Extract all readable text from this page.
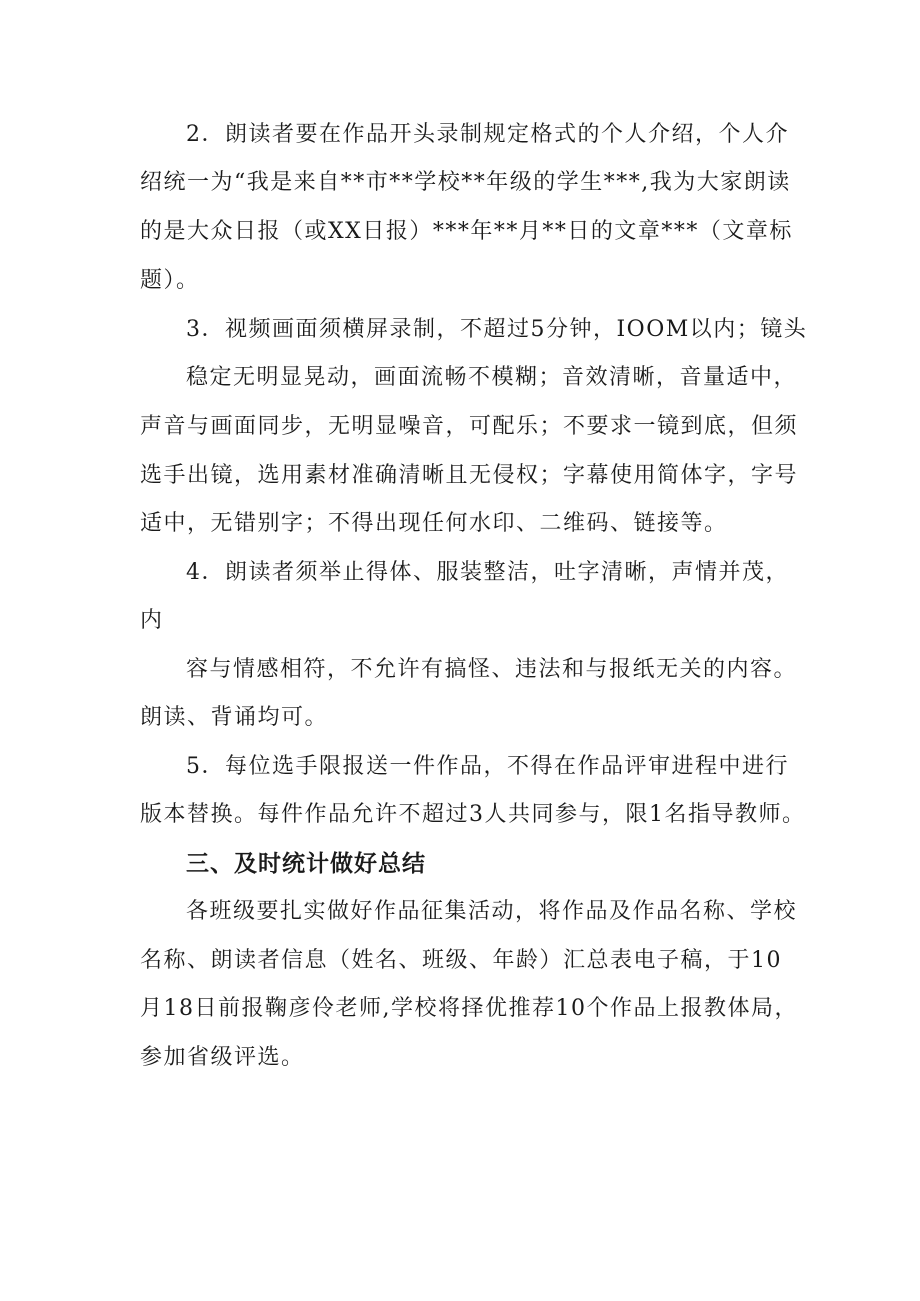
2．朗读者要在作品开头录制规定格式的个人介绍，个人介
绍统一为“我是来自**市**学校**年级的学生***,我为大家朗读
的是大众日报（或XX日报）***年**月**日的文章***（文章标
题）。
3．视频画面须横屏录制，不超过5分钟，IOOM以内；镜头
稳定无明显晃动，画面流畅不模糊；音效清晰，音量适中，
声音与画面同步，无明显噪音，可配乐；不要求一镜到底，但须
选手出镜，选用素材准确清晰且无侵权；字幕使用简体字，字号
适中，无错别字；不得出现任何水印、二维码、链接等。
4．朗读者须举止得体、服装整洁，吐字清晰，声情并茂，
内
容与情感相符，不允许有搞怪、违法和与报纸无关的内容。
朗读、背诵均可。
5．每位选手限报送一件作品，不得在作品评审进程中进行
版本替换。每件作品允许不超过3人共同参与，限1名指导教师。
三、及时统计做好总结
各班级要扎实做好作品征集活动，将作品及作品名称、学校
名称、朗读者信息（姓名、班级、年龄）汇总表电子稿，于10
月18日前报鞠彦伶老师,学校将择优推荐10个作品上报教体局，
参加省级评选。
